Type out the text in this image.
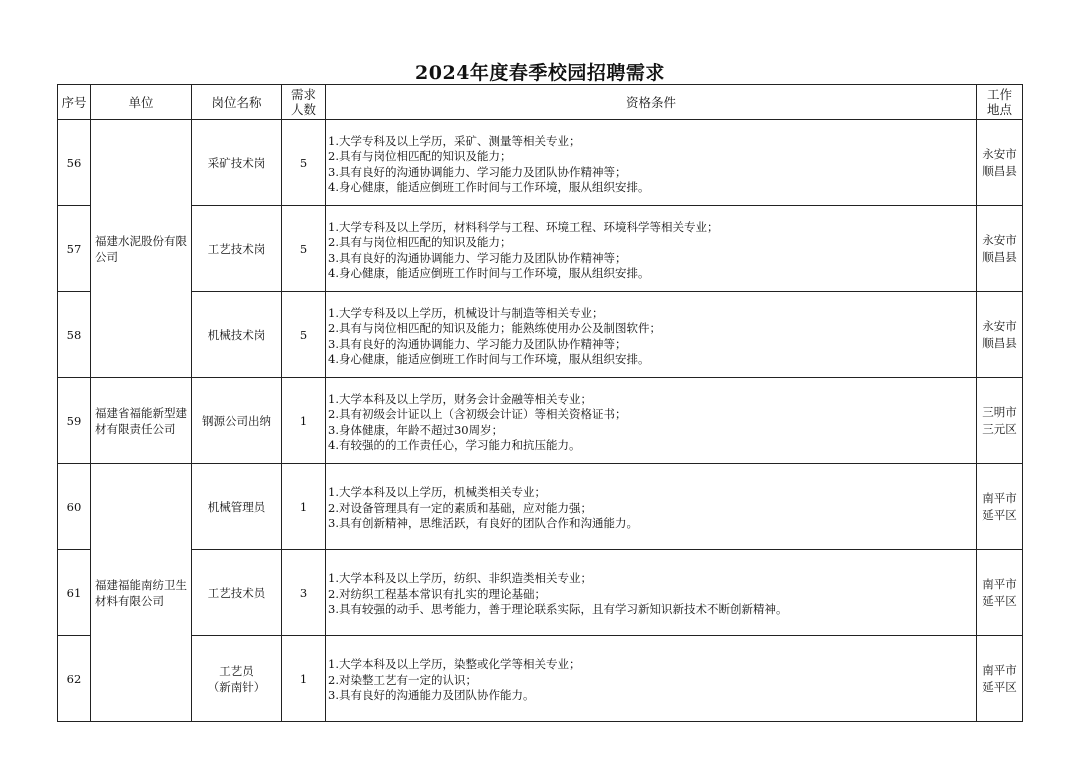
2024年度春季校园招聘需求
序号	单位	岗位名称	需求
人数	资格条件	工作
地点

56	福建水泥股份有限公司	采矿技术岗	5	1.大学专科及以上学历，采矿、测量等相关专业；
2.具有与岗位相匹配的知识及能力；
3.具有良好的沟通协调能力、学习能力及团队协作精神等；
4.身心健康，能适应倒班工作时间与工作环境，服从组织安排。	永安市
顺昌县

57		工艺技术岗	5	1.大学专科及以上学历，材料科学与工程、环境工程、环境科学等相关专业；
2.具有与岗位相匹配的知识及能力；
3.具有良好的沟通协调能力、学习能力及团队协作精神等；
4.身心健康，能适应倒班工作时间与工作环境，服从组织安排。	永安市
顺昌县

58		机械技术岗	5	1.大学专科及以上学历，机械设计与制造等相关专业；
2.具有与岗位相匹配的知识及能力；能熟练使用办公及制图软件；
3.具有良好的沟通协调能力、学习能力及团队协作精神等；
4.身心健康，能适应倒班工作时间与工作环境，服从组织安排。	永安市
顺昌县

59	福建省福能新型建材有限责任公司	钢源公司出纳	1	1.大学本科及以上学历，财务会计金融等相关专业；
2.具有初级会计证以上（含初级会计证）等相关资格证书；
3.身体健康，年龄不超过30周岁；
4.有较强的的工作责任心，学习能力和抗压能力。	三明市
三元区

60	福建福能南纺卫生材料有限公司	机械管理员	1	1.大学本科及以上学历，机械类相关专业；
2.对设备管理具有一定的素质和基础，应对能力强；
3.具有创新精神，思维活跃，有良好的团队合作和沟通能力。	南平市
延平区

61		工艺技术员	3	1.大学本科及以上学历，纺织、非织造类相关专业；
2.对纺织工程基本常识有扎实的理论基础；
3.具有较强的动手、思考能力，善于理论联系实际，且有学习新知识新技术不断创新精神。	南平市
延平区

62		工艺员
（新南针）	1	1.大学本科及以上学历，染整或化学等相关专业；
2.对染整工艺有一定的认识；
3.具有良好的沟通能力及团队协作能力。	南平市
延平区
